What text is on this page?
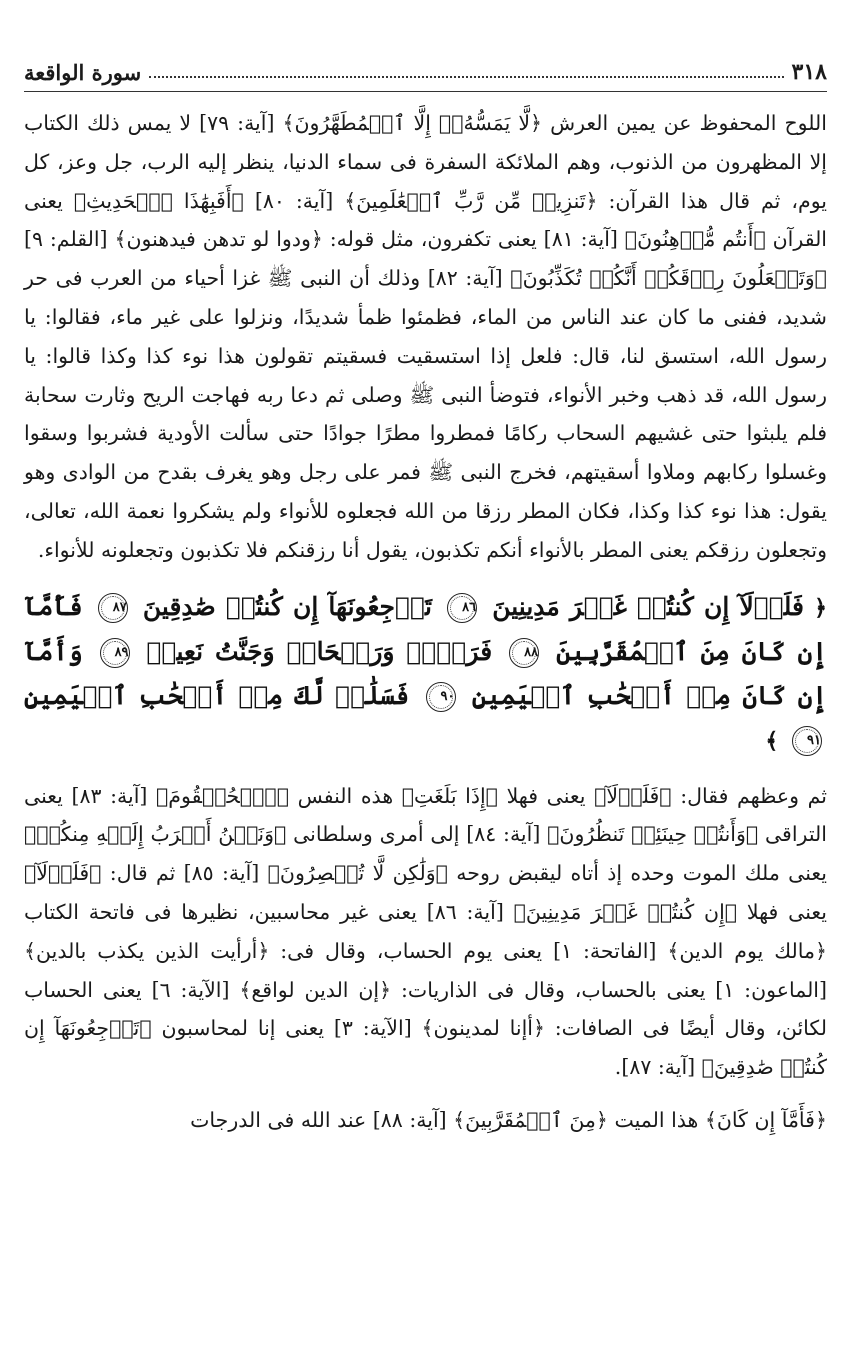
٣١٨
سورة الواقعة

اللوح المحفوظ عن يمين العرش ﴿لَّا يَمَسُّهُۥٓ إِلَّا ٱلۡمُطَهَّرُونَ﴾ [آية: ٧٩] لا يمس ذلك الكتاب إلا المظهرون من الذنوب، وهم الملائكة السفرة فى سماء الدنيا، ينظر إليه الرب، جل وعز، كل يوم، ثم قال هذا القرآن: ﴿تَنزِيلٞ مِّن رَّبِّ ٱلۡعَٰلَمِينَ﴾ [آية: ٨٠] ﴿أَفَبِهَٰذَا ٱلۡحَدِيثِ﴾ يعنى القرآن ﴿أَنتُم مُّدۡهِنُونَ﴾ [آية: ٨١] يعنى تكفرون، مثل قوله: ﴿ودوا لو تدهن فيدهنون﴾ [القلم: ٩] ﴿وَتَجۡعَلُونَ رِزۡقَكُمۡ أَنَّكُمۡ تُكَذِّبُونَ﴾ [آية: ٨٢] وذلك أن النبى ﷺ غزا أحياء من العرب فى حر شديد، ففنى ما كان عند الناس من الماء، فظمئوا ظمأ شديدًا، ونزلوا على غير ماء، فقالوا: يا رسول الله، استسق لنا، قال: فلعل إذا استسقيت فسقيتم تقولون هذا نوء كذا وكذا قالوا: يا رسول الله، قد ذهب وخبر الأنواء، فتوضأ النبى ﷺ وصلى ثم دعا ربه فهاجت الريح وثارت سحابة فلم يلبثوا حتى غشيهم السحاب ركامًا فمطروا مطرًا جوادًا حتى سألت الأودية فشربوا وسقوا وغسلوا ركابهم وملاوا أسقيتهم، فخرج النبى ﷺ فمر على رجل وهو يغرف بقدح من الوادى وهو يقول: هذا نوء كذا وكذا، فكان المطر رزقا من الله فجعلوه للأنواء ولم يشكروا نعمة الله، تعالى، وتجعلون رزقكم يعنى المطر بالأنواء أنكم تكذبون، يقول أنا رزقنكم فلا تكذبون وتجعلونه للأنواء.

﴿ فَلَوۡلَآ إِن كُنتُمۡ غَيۡرَ مَدِينِينَ ٨٦ تَرۡجِعُونَهَآ إِن كُنتُمۡ صَٰدِقِينَ ٨٧ فَأَمَّآ إِن كَانَ مِنَ ٱلۡمُقَرَّبِينَ ٨٨ فَرَوۡحٞ وَرَيۡحَانٞ وَجَنَّتُ نَعِيمٖ ٨٩ وَأَمَّآ إِن كَانَ مِنۡ أَصۡحَٰبِ ٱلۡيَمِينِ ٩٠ فَسَلَٰمٞ لَّكَ مِنۡ أَصۡحَٰبِ ٱلۡيَمِينِ ٩١ ﴾

ثم وعظهم فقال: ﴿فَلَوۡلَآ﴾ يعنى فهلا ﴿إِذَا بَلَغَتِ﴾ هذه النفس ﴿ٱلۡحُلۡقُومَ﴾ [آية: ٨٣] يعنى التراقى ﴿وَأَنتُمۡ حِينَئِذٖ تَنظُرُونَ﴾ [آية: ٨٤] إلى أمرى وسلطانى ﴿وَنَحۡنُ أَقۡرَبُ إِلَيۡهِ مِنكُمۡ﴾ يعنى ملك الموت وحده إذ أتاه ليقبض روحه ﴿وَلَٰكِن لَّا تُبۡصِرُونَ﴾ [آية: ٨٥] ثم قال: ﴿فَلَوۡلَآ﴾ يعنى فهلا ﴿إِن كُنتُمۡ غَيۡرَ مَدِينِينَ﴾ [آية: ٨٦] يعنى غير محاسبين، نظيرها فى فاتحة الكتاب ﴿مالك يوم الدين﴾ [الفاتحة: ١] يعنى يوم الحساب، وقال فى: ﴿أرأيت الذين يكذب بالدين﴾ [الماعون: ١] يعنى بالحساب، وقال فى الذاريات: ﴿إن الدين لواقع﴾ [الآية: ٦] يعنى الحساب لكائن، وقال أيضًا فى الصافات: ﴿أإنا لمدينون﴾ [الآية: ٣] يعنى إنا لمحاسبون ﴿تَرۡجِعُونَهَآ إِن كُنتُمۡ صَٰدِقِينَ﴾ [آية: ٨٧].

﴿فَأَمَّآ إِن كَانَ﴾ هذا الميت ﴿مِنَ ٱلۡمُقَرَّبِينَ﴾ [آية: ٨٨] عند الله فى الدرجات
